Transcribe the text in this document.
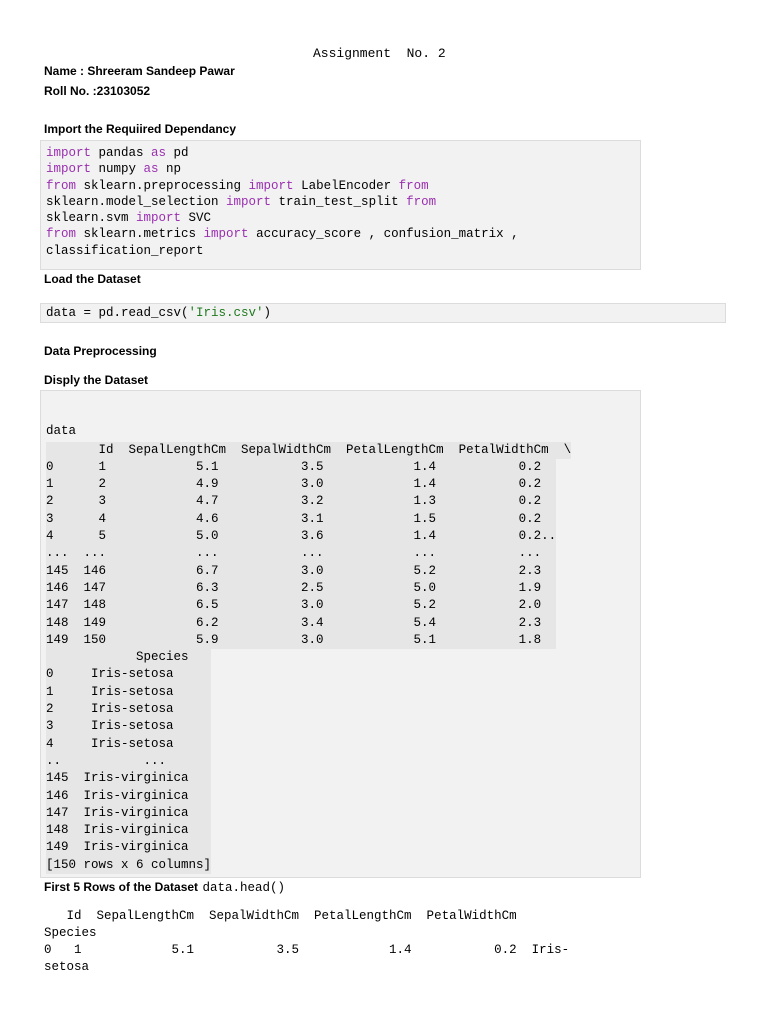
Assignment  No. 2
Name : Shreeram Sandeep Pawar
Roll No. :23103052
Import the Requiired Dependancy
import pandas as pd
import numpy as np
from sklearn.preprocessing import LabelEncoder from
sklearn.model_selection import train_test_split from
sklearn.svm import SVC
from sklearn.metrics import accuracy_score , confusion_matrix ,
classification_report
Load the Dataset
data = pd.read_csv('Iris.csv')
Data Preprocessing
Disply the Dataset

data
Id  SepalLengthCm  SepalWidthCm  PetalLengthCm  PetalWidthCm  \

0      1            5.1           3.5            1.4           0.2
1      2            4.9           3.0            1.4           0.2
2      3            4.7           3.2            1.3           0.2
3      4            4.6           3.1            1.5           0.2
4      5            5.0           3.6            1.4           0.2..
...  ...            ...           ...            ...           ...
145  146            6.7           3.0            5.2           2.3
146  147            6.3           2.5            5.0           1.9
147  148            6.5           3.0            5.2           2.0
148  149            6.2           3.4            5.4           2.3
149  150            5.9           3.0            5.1           1.8

Species
0     Iris-setosa
1     Iris-setosa
2     Iris-setosa
3     Iris-setosa
4     Iris-setosa
..           ...
145  Iris-virginica
146  Iris-virginica
147  Iris-virginica
148  Iris-virginica
149  Iris-virginica
[150 rows x 6 columns]

First 5 Rows of the Dataset data.head()
Id  SepalLengthCm  SepalWidthCm  PetalLengthCm  PetalWidthCm
Species
0   1            5.1           3.5            1.4           0.2  Iris-
setosa
